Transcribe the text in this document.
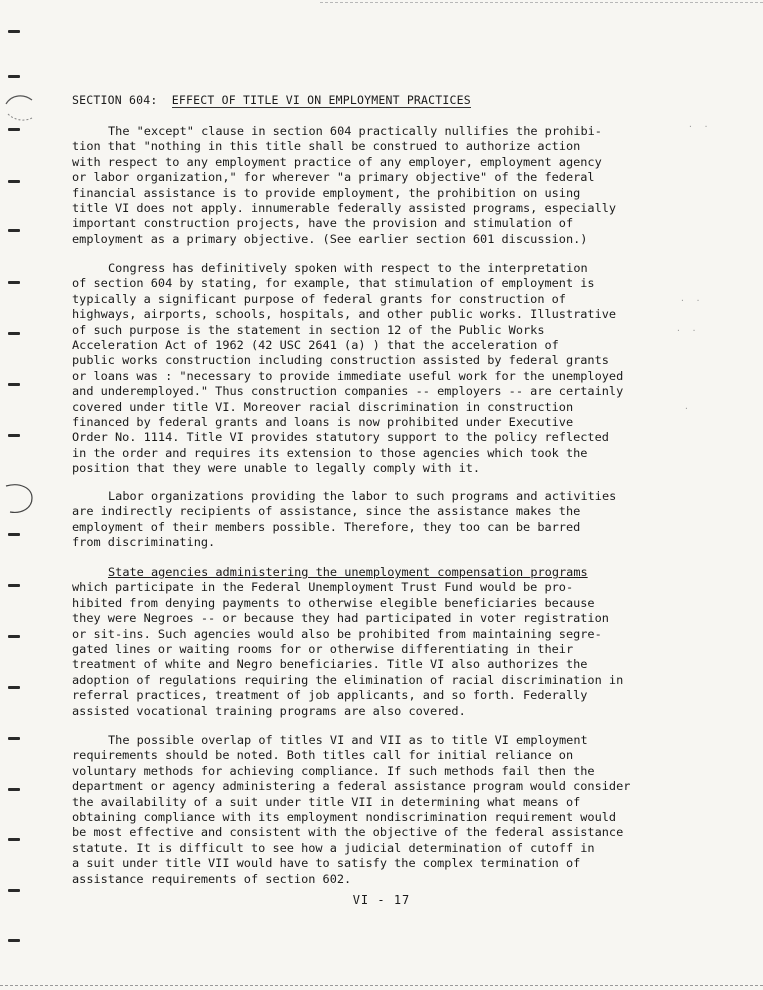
· ·
· ·
· ·
·
SECTION 604: EFFECT OF TITLE VI ON EMPLOYMENT PRACTICES
The "except" clause in section 604 practically nullifies the prohibi-
tion that "nothing in this title shall be construed to authorize action
with respect to any employment practice of any employer, employment agency
or labor organization," for wherever "a primary objective" of the federal
financial assistance is to provide employment, the prohibition on using
title VI does not apply. innumerable federally assisted programs, especially
important construction projects, have the provision and stimulation of
employment as a primary objective. (See earlier section 601 discussion.)
Congress has definitively spoken with respect to the interpretation
of section 604 by stating, for example, that stimulation of employment is
typically a significant purpose of federal grants for construction of
highways, airports, schools, hospitals, and other public works. Illustrative
of such purpose is the statement in section 12 of the Public Works
Acceleration Act of 1962 (42 USC 2641 (a) ) that the acceleration of
public works construction including construction assisted by federal grants
or loans was : "necessary to provide immediate useful work for the unemployed
and underemployed." Thus construction companies -- employers -- are certainly
covered under title VI. Moreover racial discrimination in construction
financed by federal grants and loans is now prohibited under Executive
Order No. 1114. Title VI provides statutory support to the policy reflected
in the order and requires its extension to those agencies which took the
position that they were unable to legally comply with it.
Labor organizations providing the labor to such programs and activities
are indirectly recipients of assistance, since the assistance makes the
employment of their members possible. Therefore, they too can be barred
from discriminating.
State agencies administering the unemployment compensation programs
which participate in the Federal Unemployment Trust Fund would be pro-
hibited from denying payments to otherwise elegible beneficiaries because
they were Negroes -- or because they had participated in voter registration
or sit-ins. Such agencies would also be prohibited from maintaining segre-
gated lines or waiting rooms for or otherwise differentiating in their
treatment of white and Negro beneficiaries. Title VI also authorizes the
adoption of regulations requiring the elimination of racial discrimination in
referral practices, treatment of job applicants, and so forth. Federally
assisted vocational training programs are also covered.
The possible overlap of titles VI and VII as to title VI employment
requirements should be noted. Both titles call for initial reliance on
voluntary methods for achieving compliance. If such methods fail then the
department or agency administering a federal assistance program would consider
the availability of a suit under title VII in determining what means of
obtaining compliance with its employment nondiscrimination requirement would
be most effective and consistent with the objective of the federal assistance
statute. It is difficult to see how a judicial determination of cutoff in
a suit under title VII would have to satisfy the complex termination of
assistance requirements of section 602.
VI - 17
